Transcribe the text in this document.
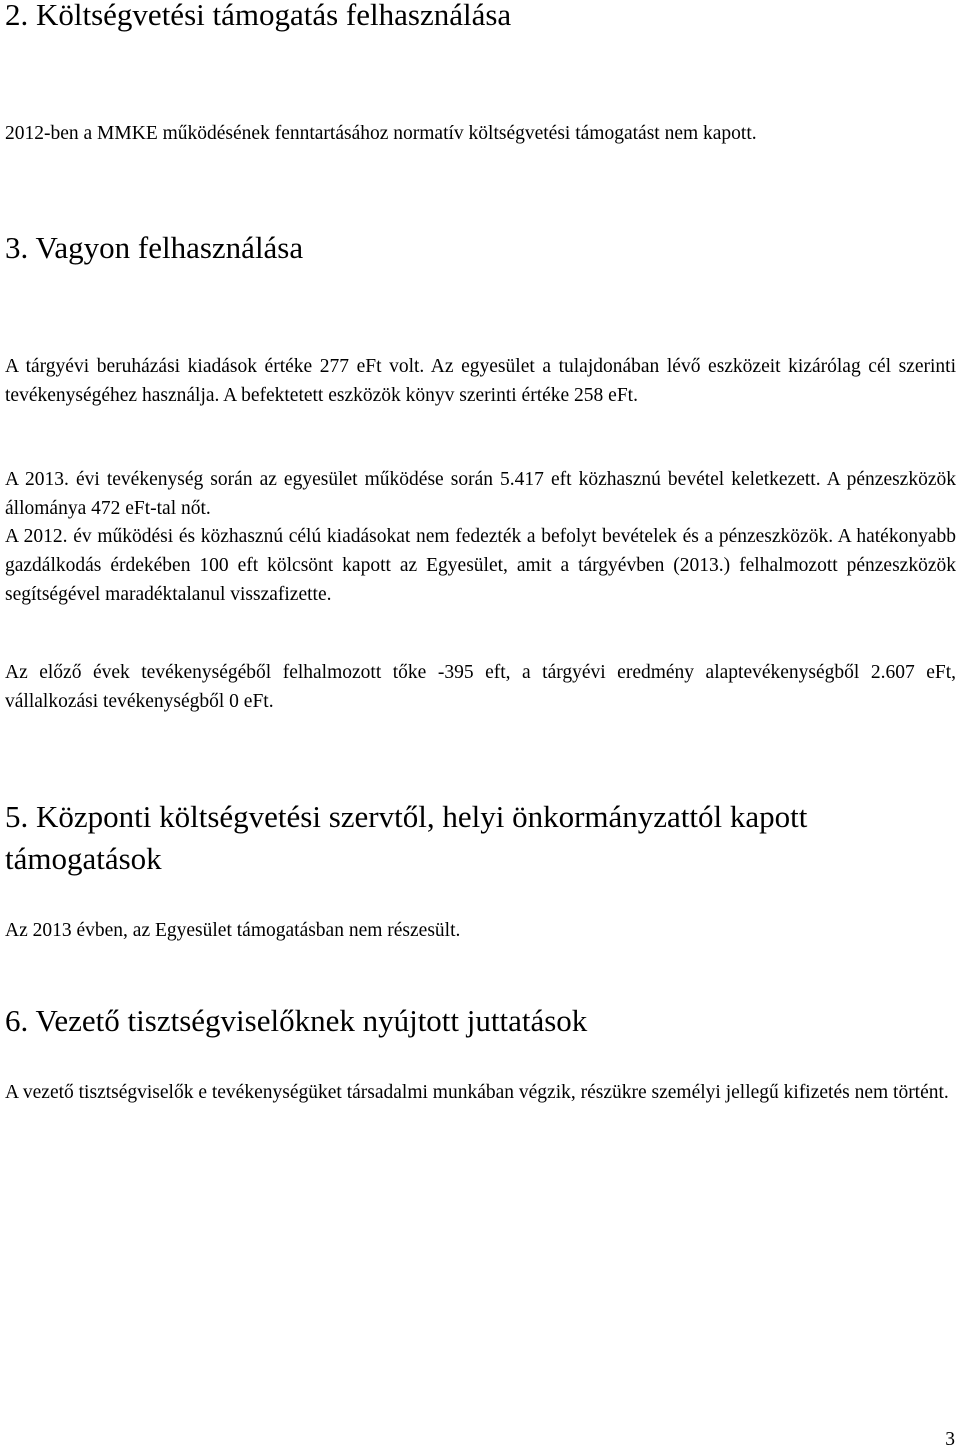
2. Költségvetési támogatás felhasználása

2012-ben a MMKE működésének fenntartásához normatív költségvetési támogatást nem kapott.

3. Vagyon felhasználása

A tárgyévi beruházási kiadások értéke 277 eFt volt. Az egyesület a tulajdonában lévő eszközeit kizárólag cél szerinti tevékenységéhez használja. A befektetett eszközök könyv szerinti értéke 258 eFt.

A 2013. évi tevékenység során az egyesület működése során 5.417 eft közhasznú bevétel keletkezett. A pénzeszközök állománya 472 eFt-tal nőt.

A 2012. év működési és közhasznú célú kiadásokat nem fedezték a befolyt bevételek és a pénzeszközök. A hatékonyabb gazdálkodás érdekében 100 eft kölcsönt kapott az Egyesület, amit a tárgyévben (2013.) felhalmozott pénzeszközök segítségével maradéktalanul visszafizette.

Az előző évek tevékenységéből felhalmozott tőke -395 eft, a tárgyévi eredmény alaptevékenységből 2.607 eFt, vállalkozási tevékenységből 0 eFt.

5. Központi költségvetési szervtől, helyi önkormányzattól kapott támogatások

Az 2013 évben, az Egyesület támogatásban nem részesült.

6. Vezető tisztségviselőknek nyújtott juttatások

A vezető tisztségviselők e tevékenységüket társadalmi munkában végzik, részükre személyi jellegű kifizetés nem történt.

3
